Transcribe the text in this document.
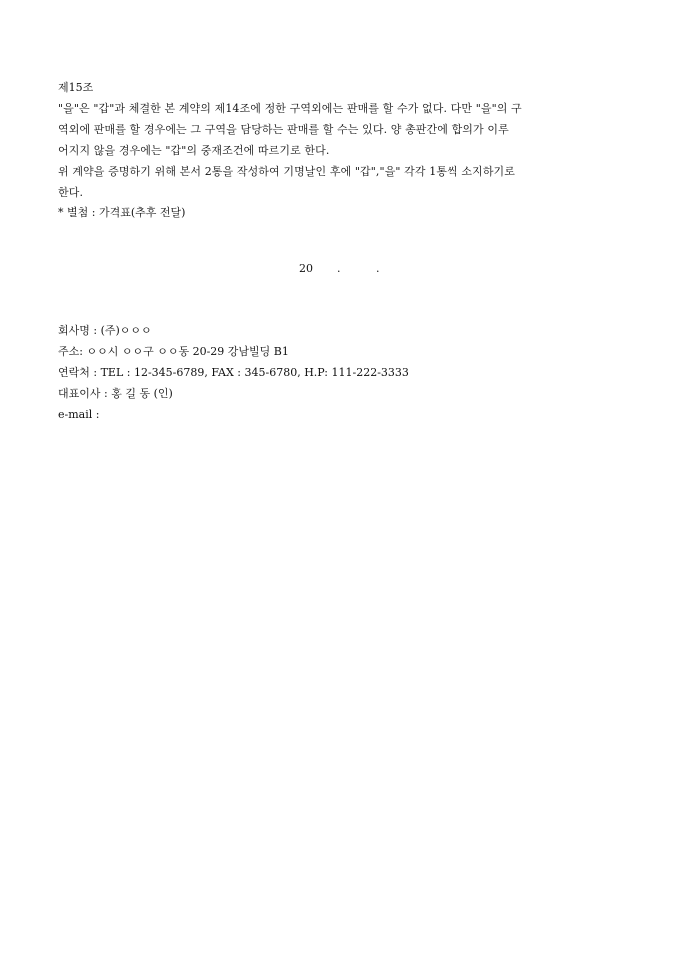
제15조

"을"은 "갑"과 체결한 본 계약의 제14조에 정한 구역외에는 판매를 할 수가 없다. 다만 "을"의 구
역외에 판매를 할 경우에는 그 구역을 담당하는 판매를 할 수는 있다. 양 총판간에 합의가 이루
어지지 않을 경우에는 "갑"의 중재조건에 따르기로 한다.
위 계약을 증명하기 위해 본서 2통을 작성하여 기명날인 후에 "갑","을" 각각 1통씩 소지하기로
한다.

* 별첨 : 가격표(추후 전달)

20 .	.
회사명 : (주)ㅇㅇㅇ
주소: ㅇㅇ시 ㅇㅇ구 ㅇㅇ동 20-29 강남빌딩 B1
연락처 : TEL : 12-345-6789, FAX : 345-6780, H.P: 111-222-3333
대표이사 : 홍 길 동 (인)
e-mail :
